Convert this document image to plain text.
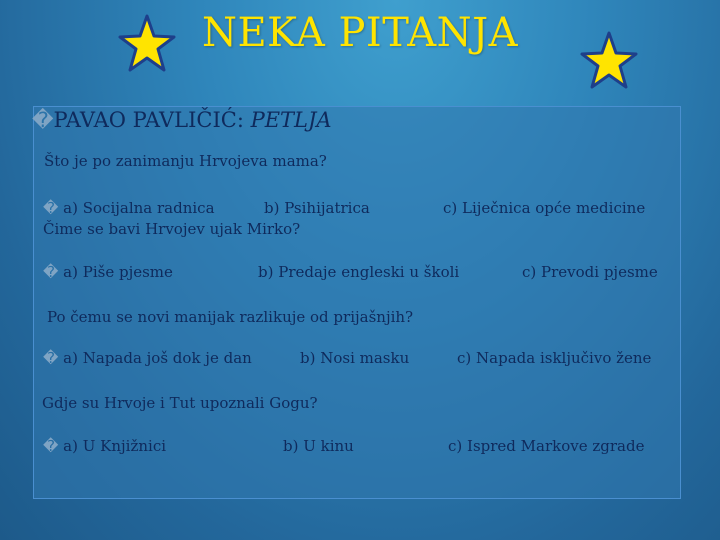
NEKA PITANJA
�PAVAO PAVLIČIĆ: PETLJA
Što je po zanimanju Hrvojeva mama?
� a) Socijalna radnica	b) Psihijatrica	c) Liječnica opće medicine
Čime se bavi Hrvojev ujak Mirko?
� a) Piše pjesme	b) Predaje engleski u školi	c) Prevodi pjesme
Po čemu se novi manijak razlikuje od prijašnjih?
� a) Napada još dok je dan	b) Nosi masku	c) Napada isključivo žene
Gdje su Hrvoje i Tut upoznali Gogu?
� a) U Knjižnici	b) U kinu	c) Ispred Markove zgrade
